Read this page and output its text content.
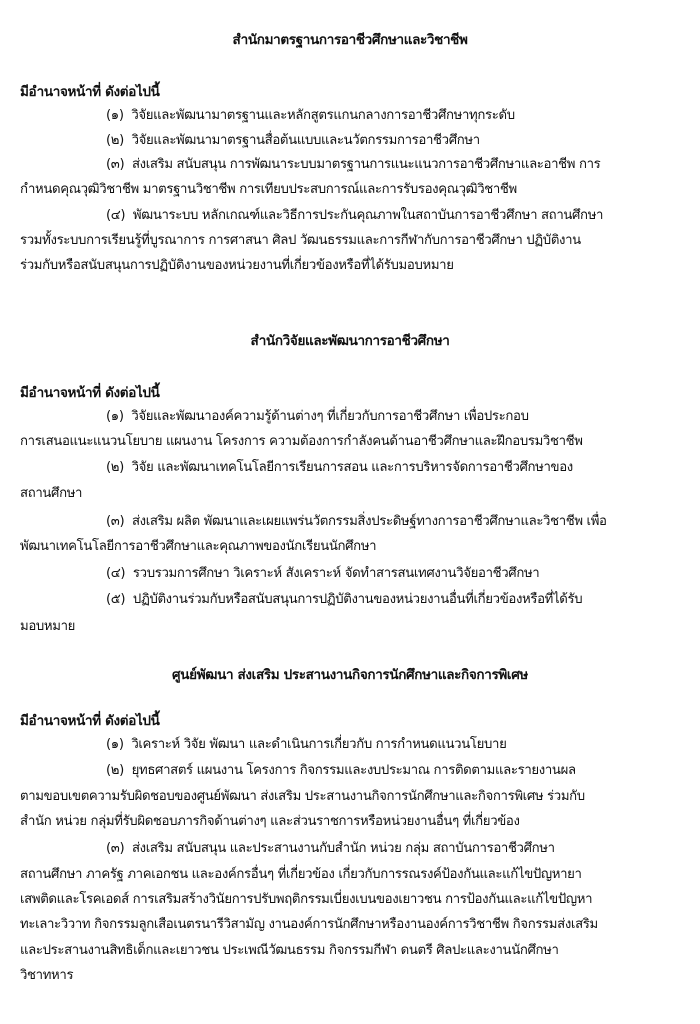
สำนักมาตรฐานการอาชีวศึกษาและวิชาชีพ
มีอำนาจหน้าที่ ดังต่อไปนี้
(๑) วิจัยและพัฒนามาตรฐานและหลักสูตรแกนกลางการอาชีวศึกษาทุกระดับ
(๒) วิจัยและพัฒนามาตรฐานสื่อต้นแบบและนวัตกรรมการอาชีวศึกษา
(๓) ส่งเสริม สนับสนุน การพัฒนาระบบมาตรฐานการแนะแนวการอาชีวศึกษาและอาชีพ การ
กำหนดคุณวุฒิวิชาชีพ มาตรฐานวิชาชีพ การเทียบประสบการณ์และการรับรองคุณวุฒิวิชาชีพ
(๔) พัฒนาระบบ หลักเกณฑ์และวิธีการประกันคุณภาพในสถาบันการอาชีวศึกษา สถานศึกษา
รวมทั้งระบบการเรียนรู้ที่บูรณาการ การศาสนา ศิลป วัฒนธรรมและการกีฬากับการอาชีวศึกษา ปฏิบัติงาน
ร่วมกับหรือสนับสนุนการปฏิบัติงานของหน่วยงานที่เกี่ยวข้องหรือที่ได้รับมอบหมาย
สำนักวิจัยและพัฒนาการอาชีวศึกษา
มีอำนาจหน้าที่ ดังต่อไปนี้
(๑) วิจัยและพัฒนาองค์ความรู้ด้านต่างๆ ที่เกี่ยวกับการอาชีวศึกษา เพื่อประกอบ
การเสนอแนะแนวนโยบาย แผนงาน โครงการ ความต้องการกำลังคนด้านอาชีวศึกษาและฝึกอบรมวิชาชีพ
(๒) วิจัย และพัฒนาเทคโนโลยีการเรียนการสอน และการบริหารจัดการอาชีวศึกษาของ
สถานศึกษา
(๓) ส่งเสริม ผลิต พัฒนาและเผยแพร่นวัตกรรมสิ่งประดิษฐ์ทางการอาชีวศึกษาและวิชาชีพ เพื่อ
พัฒนาเทคโนโลยีการอาชีวศึกษาและคุณภาพของนักเรียนนักศึกษา
(๔) รวบรวมการศึกษา วิเคราะห์ สังเคราะห์ จัดทำสารสนเทศงานวิจัยอาชีวศึกษา
(๕) ปฏิบัติงานร่วมกับหรือสนับสนุนการปฏิบัติงานของหน่วยงานอื่นที่เกี่ยวข้องหรือที่ได้รับ
มอบหมาย
ศูนย์พัฒนา ส่งเสริม ประสานงานกิจการนักศึกษาและกิจการพิเศษ
มีอำนาจหน้าที่ ดังต่อไปนี้
(๑) วิเคราะห์ วิจัย พัฒนา และดำเนินการเกี่ยวกับ การกำหนดแนวนโยบาย
(๒) ยุทธศาสตร์ แผนงาน โครงการ กิจกรรมและงบประมาณ การติดตามและรายงานผล
ตามขอบเขตความรับผิดชอบของศูนย์พัฒนา ส่งเสริม ประสานงานกิจการนักศึกษาและกิจการพิเศษ ร่วมกับ
สำนัก หน่วย กลุ่มที่รับผิดชอบภารกิจด้านต่างๆ และส่วนราชการหรือหน่วยงานอื่นๆ ที่เกี่ยวข้อง
(๓) ส่งเสริม สนับสนุน และประสานงานกับสำนัก หน่วย กลุ่ม สถาบันการอาชีวศึกษา
สถานศึกษา ภาครัฐ ภาคเอกชน และองค์กรอื่นๆ ที่เกี่ยวข้อง เกี่ยวกับการรณรงค์ป้องกันและแก้ไขปัญหายา
เสพติดและโรคเอดส์ การเสริมสร้างวินัยการปรับพฤติกรรมเบี่ยงเบนของเยาวชน การป้องกันและแก้ไขปัญหา
ทะเลาะวิวาท กิจกรรมลูกเสือเนตรนารีวิสามัญ งานองค์การนักศึกษาหรืองานองค์การวิชาชีพ กิจกรรมส่งเสริม
และประสานงานสิทธิเด็กและเยาวชน ประเพณีวัฒนธรรม กิจกรรมกีฬา ดนตรี ศิลปะและงานนักศึกษา
วิชาทหาร
